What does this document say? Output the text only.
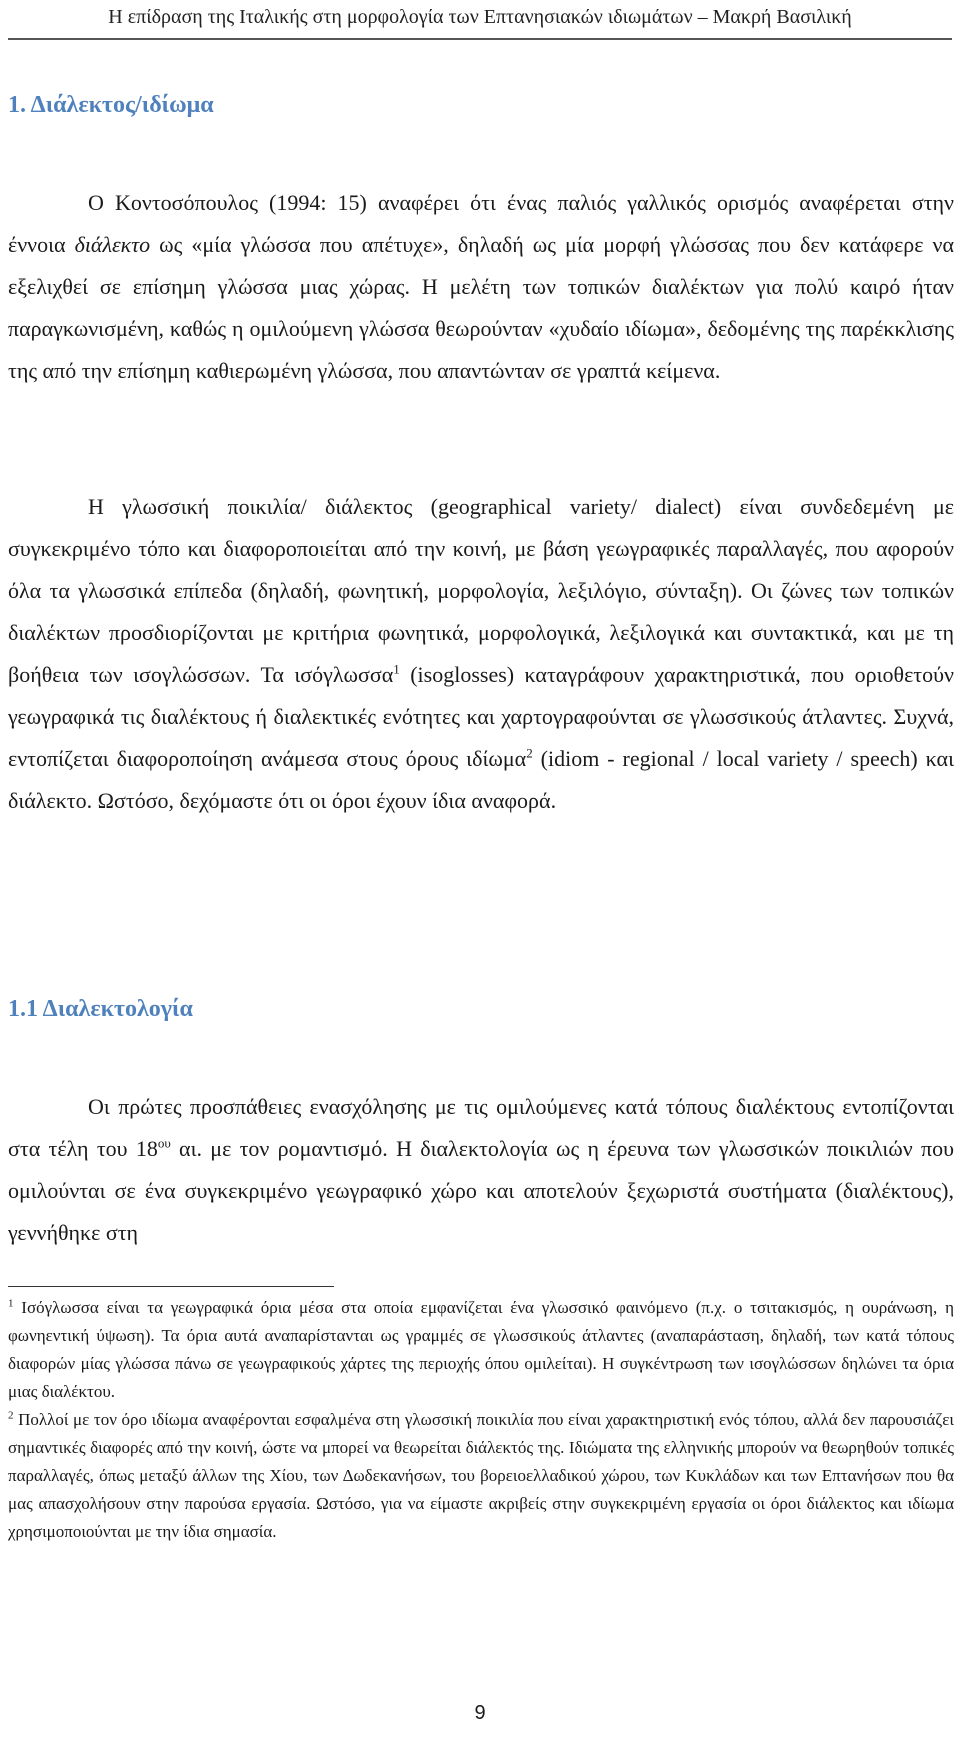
Η επίδραση της Ιταλικής στη μορφολογία των Επτανησιακών ιδιωμάτων – Μακρή Βασιλική
1. Διάλεκτος/ιδίωμα

Ο Κοντοσόπουλος (1994: 15) αναφέρει ότι ένας παλιός γαλλικός ορισμός αναφέρεται στην έννοια διάλεκτο ως «μία γλώσσα που απέτυχε», δηλαδή ως μία μορφή γλώσσας που δεν κατάφερε να εξελιχθεί σε επίσημη γλώσσα μιας χώρας. Η μελέτη των τοπικών διαλέκτων για πολύ καιρό ήταν παραγκωνισμένη, καθώς η ομιλούμενη γλώσσα θεωρούνταν «χυδαίο ιδίωμα», δεδομένης της παρέκκλισης της από την επίσημη καθιερωμένη γλώσσα, που απαντώνταν σε γραπτά κείμενα.

Η γλωσσική ποικιλία/ διάλεκτος (geographical variety/ dialect) είναι συνδεδεμένη με συγκεκριμένο τόπο και διαφοροποιείται από την κοινή, με βάση γεωγραφικές παραλλαγές, που αφορούν όλα τα γλωσσικά επίπεδα (δηλαδή, φωνητική, μορφολογία, λεξιλόγιο, σύνταξη). Οι ζώνες των τοπικών διαλέκτων προσδιορίζονται με κριτήρια φωνητικά, μορφολογικά, λεξιλογικά και συντακτικά, και με τη βοήθεια των ισογλώσσων. Τα ισόγλωσσα$^1$ (isoglosses) καταγράφουν χαρακτηριστικά, που οριοθετούν γεωγραφικά τις διαλέκτους ή διαλεκτικές ενότητες και χαρτογραφούνται σε γλωσσικούς άτλαντες. Συχνά, εντοπίζεται διαφοροποίηση ανάμεσα στους όρους ιδίωμα$^2$ (idiom - regional / local variety / speech) και διάλεκτο. Ωστόσο, δεχόμαστε ότι οι όροι έχουν ίδια αναφορά.

1.1 Διαλεκτολογία

Οι πρώτες προσπάθειες ενασχόλησης με τις ομιλούμενες κατά τόπους διαλέκτους εντοπίζονται στα τέλη του $18^{o\upsilon}$ αι. με τον ρομαντισμό. Η διαλεκτολογία ως η έρευνα των γλωσσικών ποικιλιών που ομιλούνται σε ένα συγκεκριμένο γεωγραφικό χώρο και αποτελούν ξεχωριστά συστήματα (διαλέκτους), γεννήθηκε στη

$^1$ Ισόγλωσσα είναι τα γεωγραφικά όρια μέσα στα οποία εμφανίζεται ένα γλωσσικό φαινόμενο (π.χ. ο τσιτακισμός, η ουράνωση, η φωνηεντική ύψωση). Τα όρια αυτά αναπαρίστανται ως γραμμές σε γλωσσικούς άτλαντες (αναπαράσταση, δηλαδή, των κατά τόπους διαφορών μίας γλώσσα πάνω σε γεωγραφικούς χάρτες της περιοχής όπου ομιλείται). Η συγκέντρωση των ισογλώσσων δηλώνει τα όρια μιας διαλέκτου.

$^2$ Πολλοί με τον όρο ιδίωμα αναφέρονται εσφαλμένα στη γλωσσική ποικιλία που είναι χαρακτηριστική ενός τόπου, αλλά δεν παρουσιάζει σημαντικές διαφορές από την κοινή, ώστε να μπορεί να θεωρείται διάλεκτός της. Ιδιώματα της ελληνικής μπορούν να θεωρηθούν τοπικές παραλλαγές, όπως μεταξύ άλλων της Χίου, των Δωδεκανήσων, του βορειοελλαδικού χώρου, των Κυκλάδων και των Επτανήσων που θα μας απασχολήσουν στην παρούσα εργασία. Ωστόσο, για να είμαστε ακριβείς στην συγκεκριμένη εργασία οι όροι διάλεκτος και ιδίωμα χρησιμοποιούνται με την ίδια σημασία.

9
